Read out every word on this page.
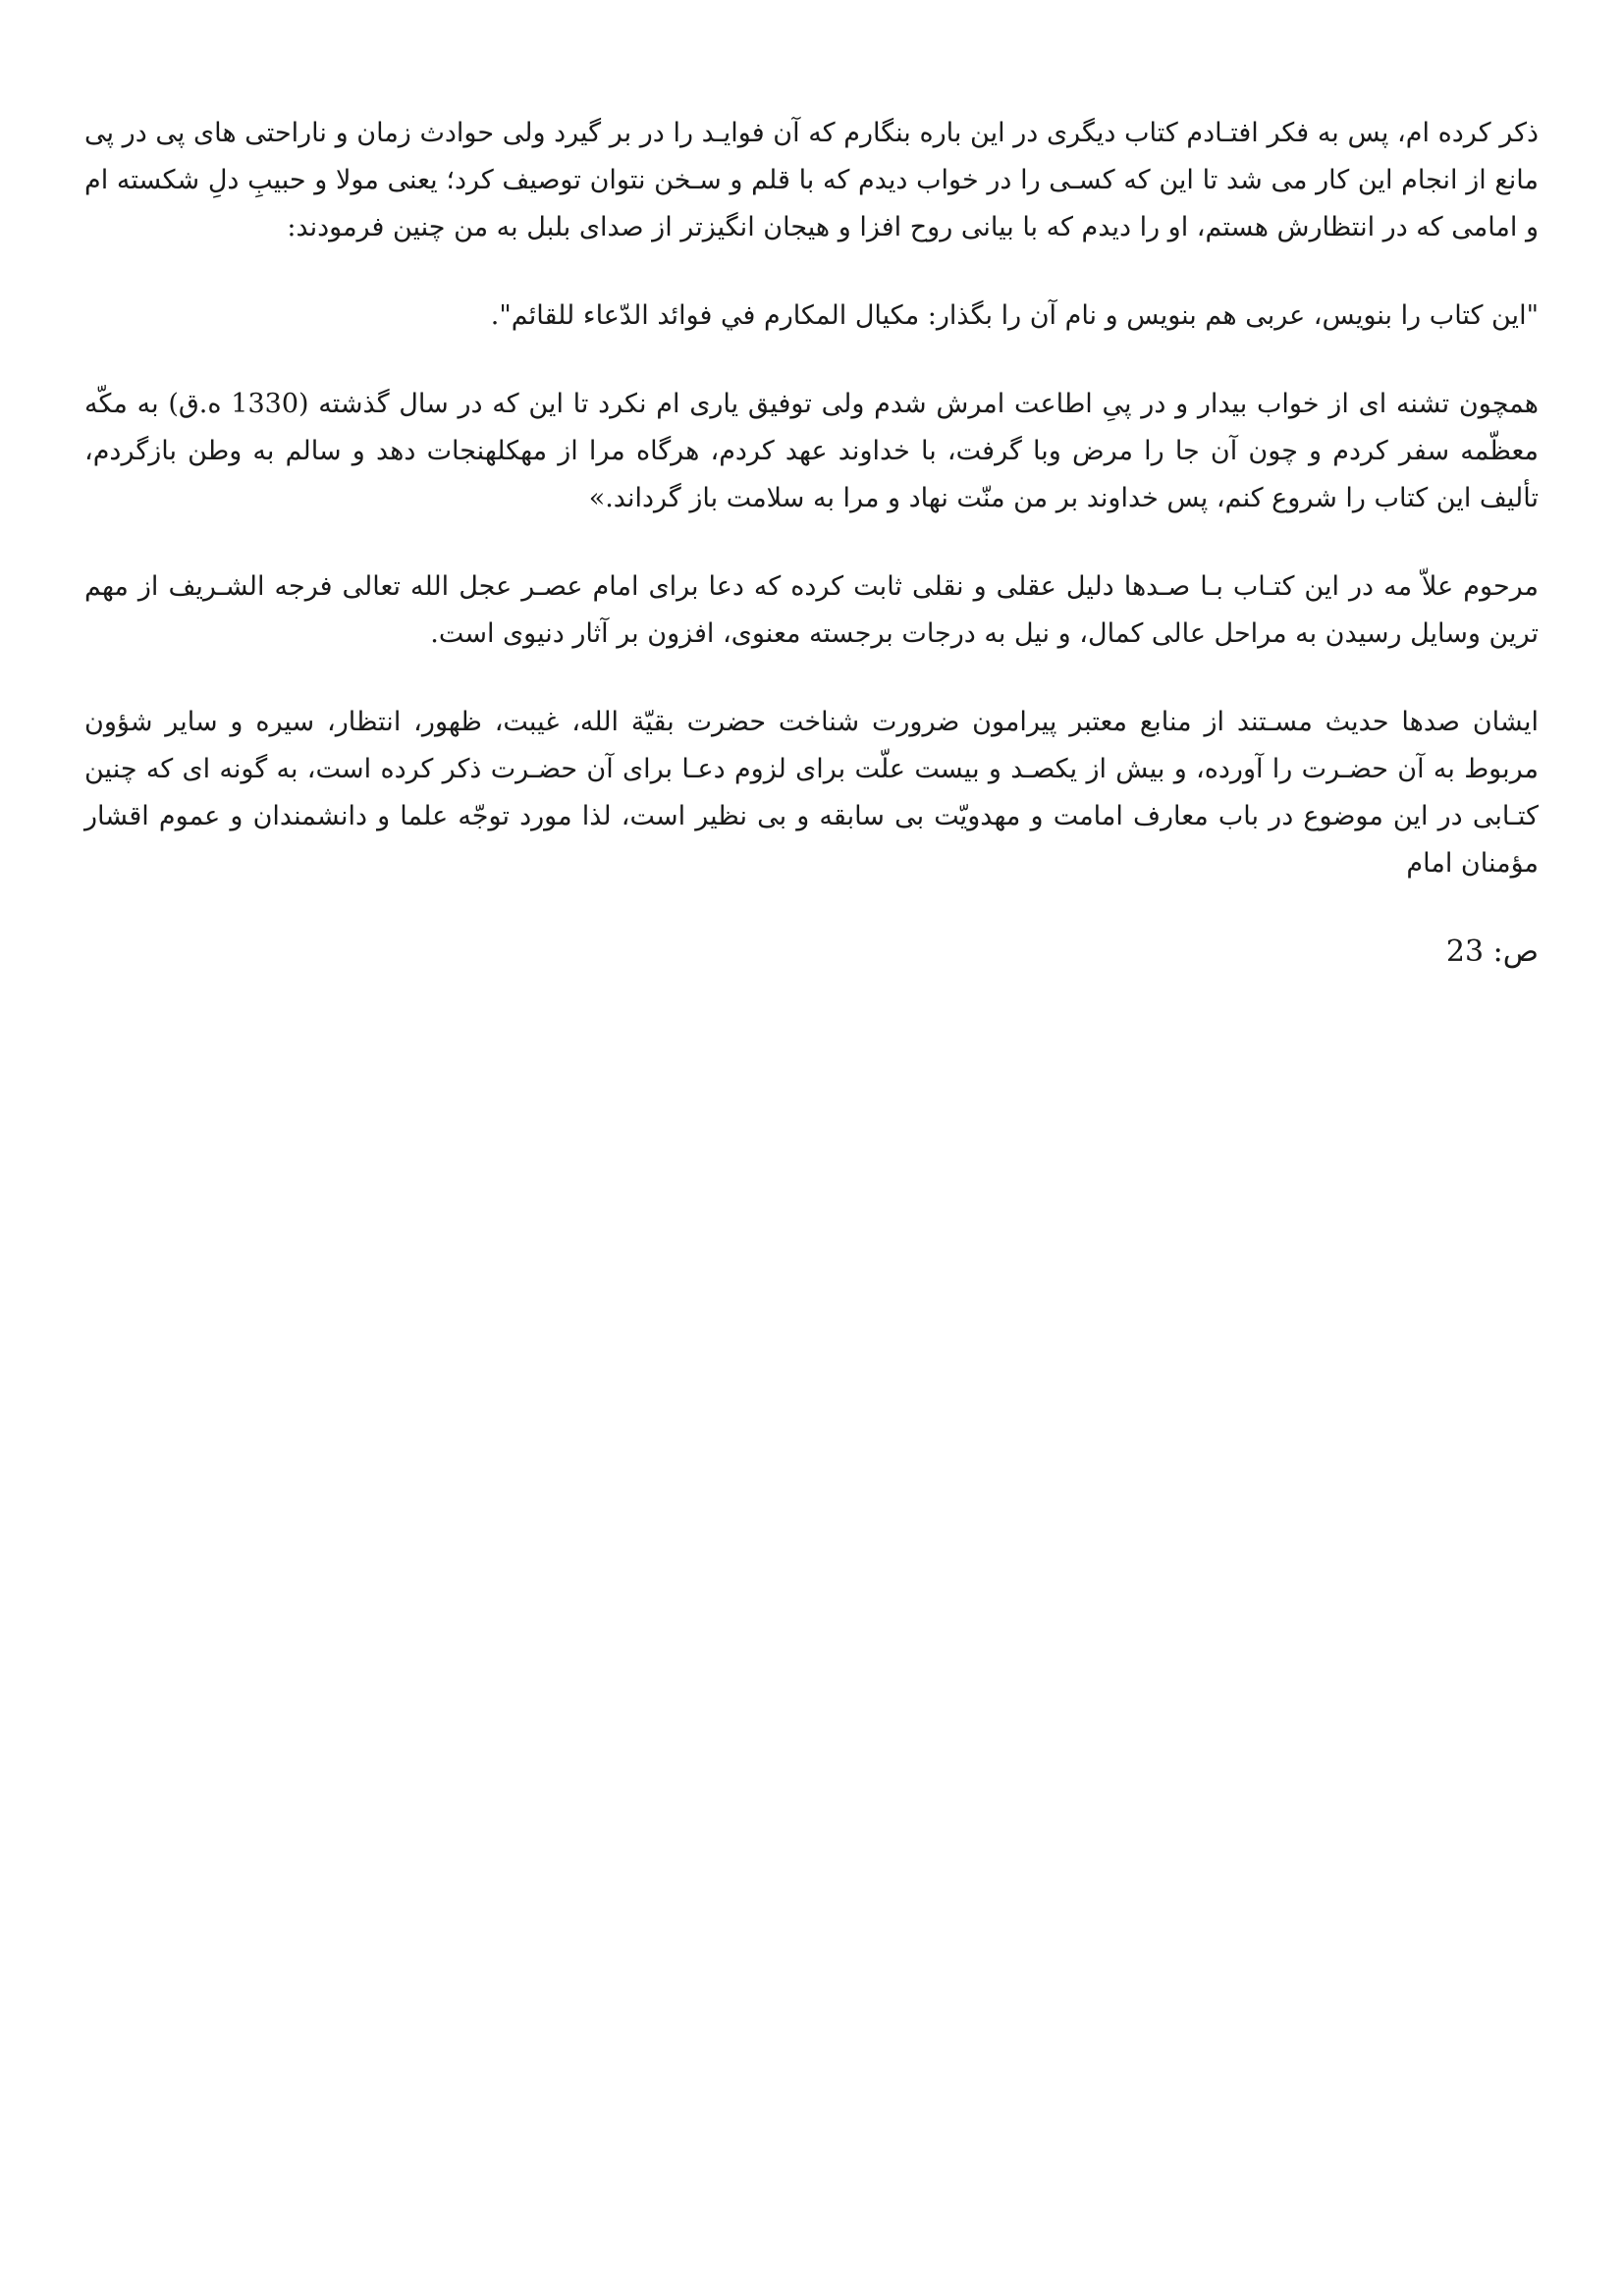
ذکر کرده ام، پس به فکر افتـادم کتاب دیگری در این باره بنگارم که آن فوایـد را در بر گیرد ولی حوادث زمان و ناراحتی های پی در پی مانع از انجام این کار می شد تا این که کسـی را در خواب دیدم که با قلم و سـخن نتوان توصیف کرد؛ یعنی مولا و حبیبِ دلِ شکسته ام و امامی که در انتظارش هستم، او را دیدم که با بیانی روح افزا و هیجان انگیزتر از صدای بلبل به من چنین فرمودند:

"این کتاب را بنویس، عربی هم بنویس و نام آن را بگذار: مکیال المکارم في فوائد الدّعاء للقائم".

همچون تشنه ای از خواب بیدار و در پیِ اطاعت امرش شدم ولی توفیق یاری ام نکرد تا این که در سال گذشته (1330 ه.ق) به مکّه معظّمه سفر کردم و چون آن جا را مرض وبا گرفت، با خداوند عهد کردم، هرگاه مرا از مهکلهنجات دهد و سالم به وطن بازگردم، تألیف این کتاب را شروع کنم، پس خداوند بر من منّت نهاد و مرا به سلامت باز گرداند.»

مرحوم علاّ مه در این کتـاب بـا صـدها دلیل عقلی و نقلی ثابت کرده که دعا برای امام عصـر عجل الله تعالی فرجه الشـریف از مهم ترین وسایل رسیدن به مراحل عالی کمال، و نیل به درجات برجسته معنوی، افزون بر آثار دنیوی است.

ایشان صدها حدیث مسـتند از منابع معتبر پیرامون ضرورت شناخت حضرت بقیّة الله، غیبت، ظهور، انتظار، سیره و سایر شؤون مربوط به آن حضـرت را آورده، و بیش از یکصـد و بیست علّت برای لزوم دعـا برای آن حضـرت ذکر کرده است، به گونه ای که چنین کتـابی در این موضوع در باب معارف امامت و مهدویّت بی سابقه و بی نظیر است، لذا مورد توجّه علما و دانشمندان و عموم اقشار مؤمنان امام

ص: 23
